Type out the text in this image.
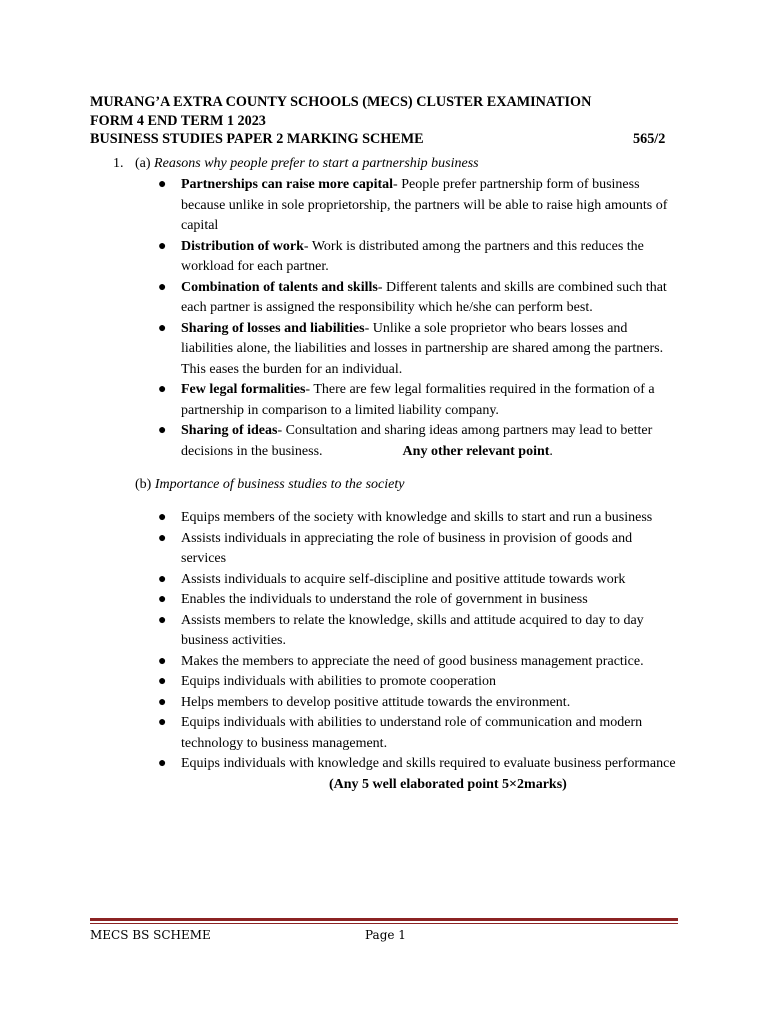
MURANG’A EXTRA COUNTY SCHOOLS (MECS) CLUSTER EXAMINATION
FORM 4 END TERM 1 2023
BUSINESS STUDIES PAPER 2 MARKING SCHEME	565/2
1. (a) Reasons why people prefer to start a partnership business
● Partnerships can raise more capital- People prefer partnership form of business because unlike in sole proprietorship, the partners will be able to raise high amounts of capital
● Distribution of work- Work is distributed among the partners and this reduces the workload for each partner.
● Combination of talents and skills- Different talents and skills are combined such that each partner is assigned the responsibility which he/she can perform best.
● Sharing of losses and liabilities- Unlike a sole proprietor who bears losses and liabilities alone, the liabilities and losses in partnership are shared among the partners. This eases the burden for an individual.
● Few legal formalities- There are few legal formalities required in the formation of a partnership in comparison to a limited liability company.
● Sharing of ideas- Consultation and sharing ideas among partners may lead to better decisions in the business.	Any other relevant point.
(b) Importance of business studies to the society
● Equips members of the society with knowledge and skills to start and run a business
● Assists individuals in appreciating the role of business in provision of goods and services
● Assists individuals to acquire self-discipline and positive attitude towards work
● Enables the individuals to understand the role of government in business
● Assists members to relate the knowledge, skills and attitude acquired to day to day business activities.
● Makes the members to appreciate the need of good business management practice.
● Equips individuals with abilities to promote cooperation
● Helps members to develop positive attitude towards the environment.
● Equips individuals with abilities to understand role of communication and modern technology to business management.
● Equips individuals with knowledge and skills required to evaluate business performance(Any 5 well elaborated point 5×2marks)
MECS BS SCHEME	Page 1
